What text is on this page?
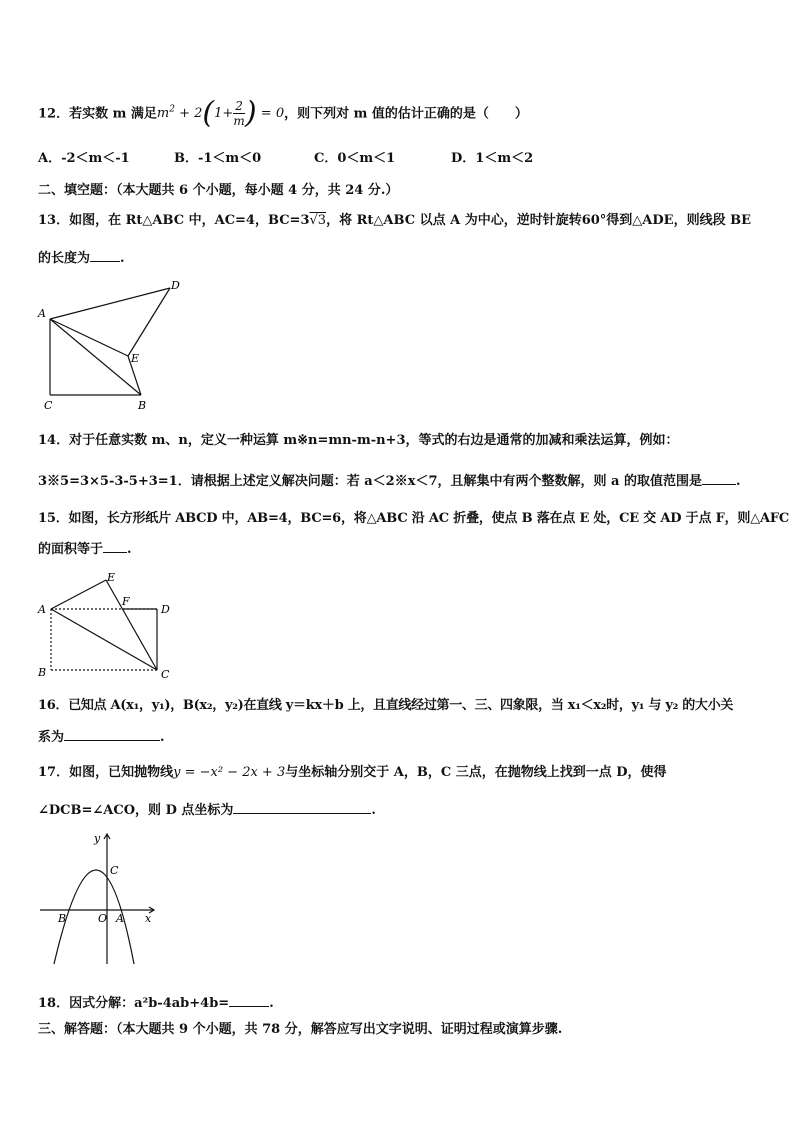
12．若实数 m 满足$m^2 + 2(1+ \frac{2}{m}$ ) = 0，则下列对 m 值的估计正确的是（　　）
A．-2＜m＜-1	B．-1＜m＜0	C．0＜m＜1	D．1＜m＜2
二、填空题：（本大题共 6 个小题，每小题 4 分，共 24 分.）
13．如图，在 Rt△ABC 中，AC=4，BC=3√3，将 Rt△ABC 以点 A 为中心，逆时针旋转60°得到△ADE，则线段 BE
的长度为 .
A
D
E
C	B
14．对于任意实数 m、n，定义一种运算 m※n=mn-m-n+3，等式的右边是通常的加减和乘法运算，例如：
3※5=3×5-3-5+3=1．请根据上述定义解决问题：若 a＜2※x＜7，且解集中有两个整数解，则 a 的取值范围是	.
15．如图，长方形纸片 ABCD 中，AB=4，BC=6，将△ABC 沿 AC 折叠，使点 B 落在点 E 处，CE 交 AD 于点 F，则△AFC
的面积等于 .
A
E
F
D
B	C
16．已知点 A(x₁，y₁)，B(x₂，y₂)在直线 y＝kx＋b 上，且直线经过第一、三、四象限，当 x₁＜x₂时，y₁ 与 y₂ 的大小关
系为	.
17．如图，已知抛物线y = −x² − 2x + 3与坐标轴分别交于 A，B，C 三点，在抛物线上找到一点 D，使得
∠DCB=∠ACO，则 D 点坐标为	.
y
C
B	O A x
18．因式分解：a²b-4ab+4b=	.
三、解答题：（本大题共 9 个小题，共 78 分，解答应写出文字说明、证明过程或演算步骤.
